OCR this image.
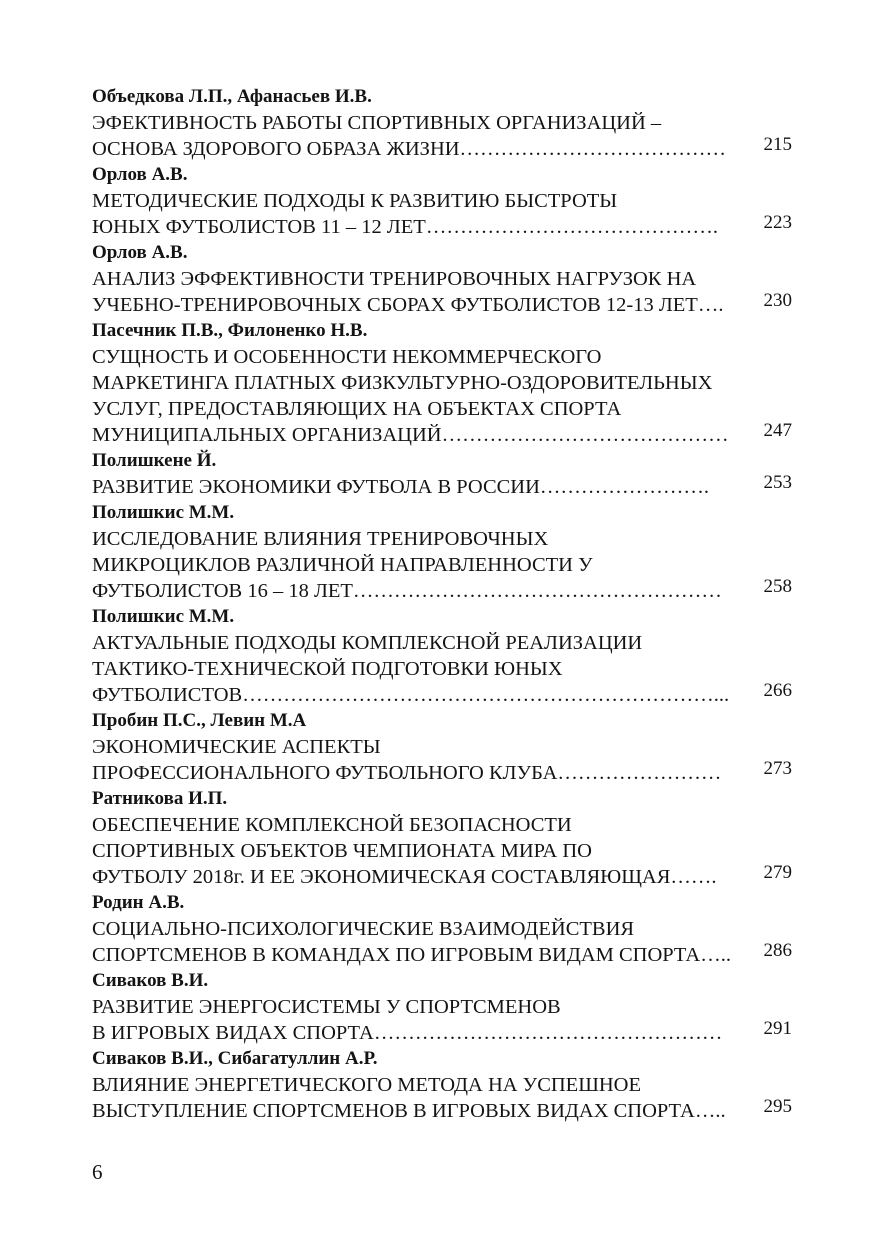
Объедкова Л.П., Афанасьев И.В.
ЭФЕКТИВНОСТЬ РАБОТЫ СПОРТИВНЫХ ОРГАНИЗАЦИЙ –
ОСНОВА ЗДОРОВОГО ОБРАЗА ЖИЗНИ………………………………… 215
Орлов А.В.
МЕТОДИЧЕСКИЕ ПОДХОДЫ К РАЗВИТИЮ БЫСТРОТЫ
ЮНЫХ ФУТБОЛИСТОВ 11 – 12 ЛЕТ……………………………………. 223
Орлов А.В.
АНАЛИЗ ЭФФЕКТИВНОСТИ ТРЕНИРОВОЧНЫХ НАГРУЗОК НА
УЧЕБНО-ТРЕНИРОВОЧНЫХ СБОРАХ ФУТБОЛИСТОВ 12-13 ЛЕТ…. 230
Пасечник П.В., Филоненко Н.В.
СУЩНОСТЬ И ОСОБЕННОСТИ НЕКОММЕРЧЕСКОГО
МАРКЕТИНГА ПЛАТНЫХ ФИЗКУЛЬТУРНО-ОЗДОРОВИТЕЛЬНЫХ
УСЛУГ, ПРЕДОСТАВЛЯЮЩИХ НА ОБЪЕКТАХ СПОРТА
МУНИЦИПАЛЬНЫХ ОРГАНИЗАЦИЙ…………………………………… 247
Полишкене Й.
РАЗВИТИЕ ЭКОНОМИКИ ФУТБОЛА В РОССИИ…………………….	253
Полишкис М.М.
ИССЛЕДОВАНИЕ ВЛИЯНИЯ ТРЕНИРОВОЧНЫХ
МИКРОЦИКЛОВ РАЗЛИЧНОЙ НАПРАВЛЕННОСТИ У
ФУТБОЛИСТОВ 16 – 18 ЛЕТ……………………………………………… 258
Полишкис М.М.
АКТУАЛЬНЫЕ ПОДХОДЫ КОМПЛЕКСНОЙ РЕАЛИЗАЦИИ
ТАКТИКО-ТЕХНИЧЕСКОЙ ПОДГОТОВКИ ЮНЫХ
ФУТБОЛИСТОВ……………………………………………………………... 266
Пробин П.С., Левин М.А
ЭКОНОМИЧЕСКИЕ АСПЕКТЫ
ПРОФЕССИОНАЛЬНОГО ФУТБОЛЬНОГО КЛУБА…………………… 273
Ратникова И.П.
ОБЕСПЕЧЕНИЕ КОМПЛЕКСНОЙ БЕЗОПАСНОСТИ
СПОРТИВНЫХ ОБЪЕКТОВ ЧЕМПИОНАТА МИРА ПО
ФУТБОЛУ 2018г. И ЕЕ ЭКОНОМИЧЕСКАЯ СОСТАВЛЯЮЩАЯ……. 279
Родин А.В.
СОЦИАЛЬНО-ПСИХОЛОГИЧЕСКИЕ ВЗАИМОДЕЙСТВИЯ
СПОРТСМЕНОВ В КОМАНДАХ ПО ИГРОВЫМ ВИДАМ СПОРТА….. 286
Сиваков В.И.
РАЗВИТИЕ ЭНЕРГОСИСТЕМЫ У СПОРТСМЕНОВ
В ИГРОВЫХ ВИДАХ СПОРТА…………………………………………… 291
Сиваков В.И., Сибагатуллин А.Р.
ВЛИЯНИЕ ЭНЕРГЕТИЧЕСКОГО МЕТОДА НА УСПЕШНОЕ
ВЫСТУПЛЕНИЕ СПОРТСМЕНОВ В ИГРОВЫХ ВИДАХ СПОРТА….. 295
6
